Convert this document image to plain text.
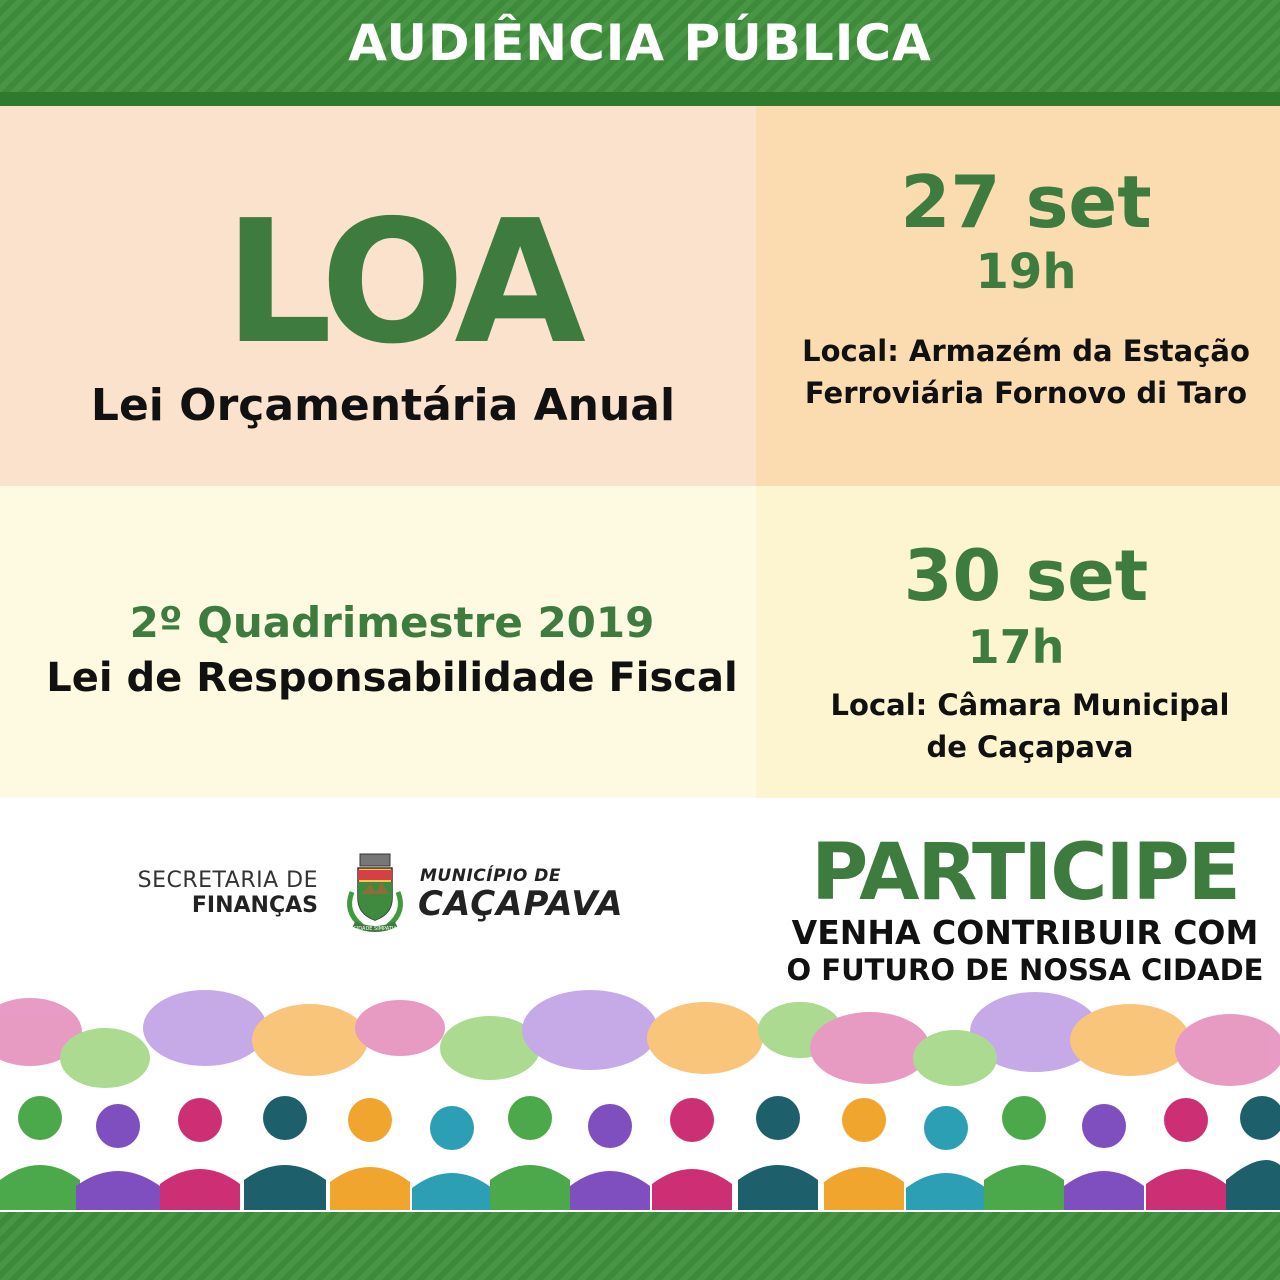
AUDIÊNCIA PÚBLICA
LOA
Lei Orçamentária Anual
27 set
19h
Local: Armazém da Estação
Ferroviária Fornovo di Taro
2º Quadrimestre 2019
Lei de Responsabilidade Fiscal
30 set
17h
Local: Câmara Municipal
de Caçapava
SECRETARIA DE
FINANÇAS
CIDADE SIMPATIA
MUNICÍPIO DE
CAÇAPAVA	PARTICIPE
VENHA CONTRIBUIR COM
O FUTURO DE NOSSA CIDADE
